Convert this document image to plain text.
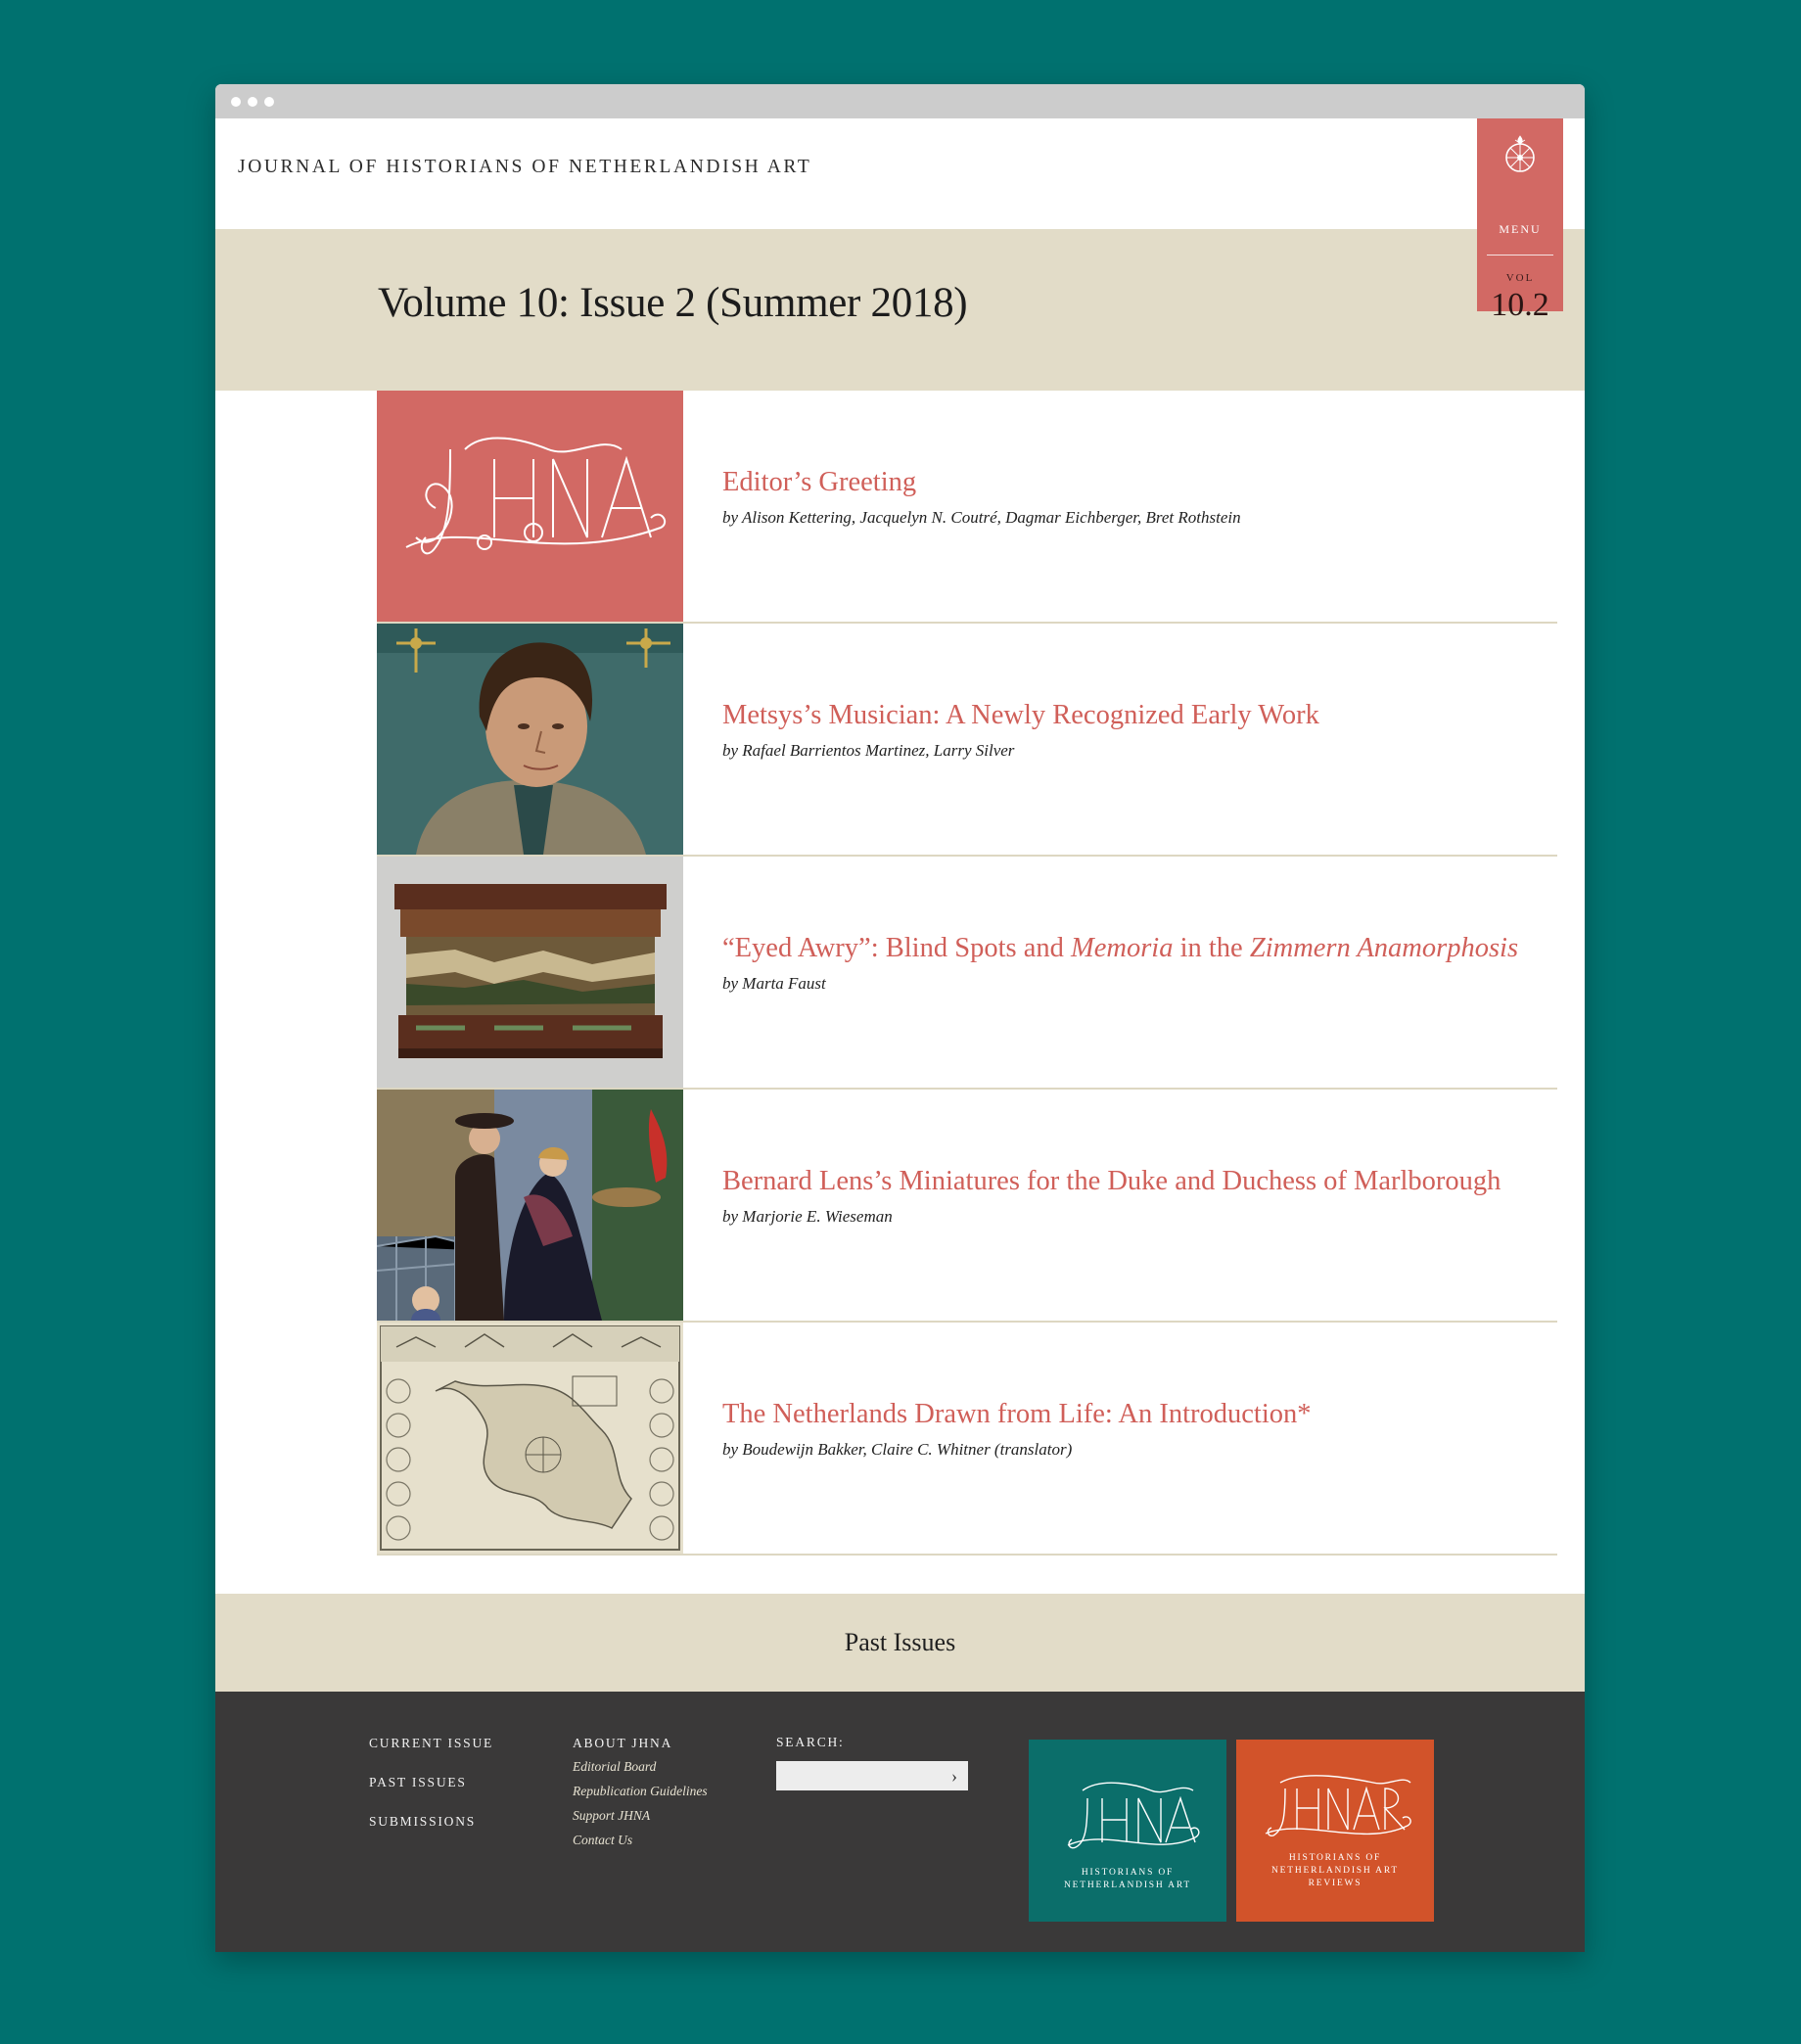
JOURNAL OF HISTORIANS OF NETHERLANDISH ART
Volume 10: Issue 2 (Summer 2018)
MENU
VOL
10.2
Editor’s Greeting
by Alison Kettering, Jacquelyn N. Coutré, Dagmar Eichberger, Bret Rothstein
Metsys’s Musician: A Newly Recognized Early Work
by Rafael Barrientos Martinez, Larry Silver
“Eyed Awry”: Blind Spots and Memoria in the Zimmern Anamorphosis
by Marta Faust
Bernard Lens’s Miniatures for the Duke and Duchess of Marlborough
by Marjorie E. Wieseman
The Netherlands Drawn from Life: An Introduction*
by Boudewijn Bakker, Claire C. Whitner (translator)
Past Issues
CURRENT ISSUE
PAST ISSUES
SUBMISSIONS
ABOUT JHNA
Editorial Board
Republication Guidelines
Support JHNA
Contact Us
SEARCH:
›
HISTORIANS OF
NETHERLANDISH ART
HISTORIANS OF
NETHERLANDISH ART
REVIEWS
